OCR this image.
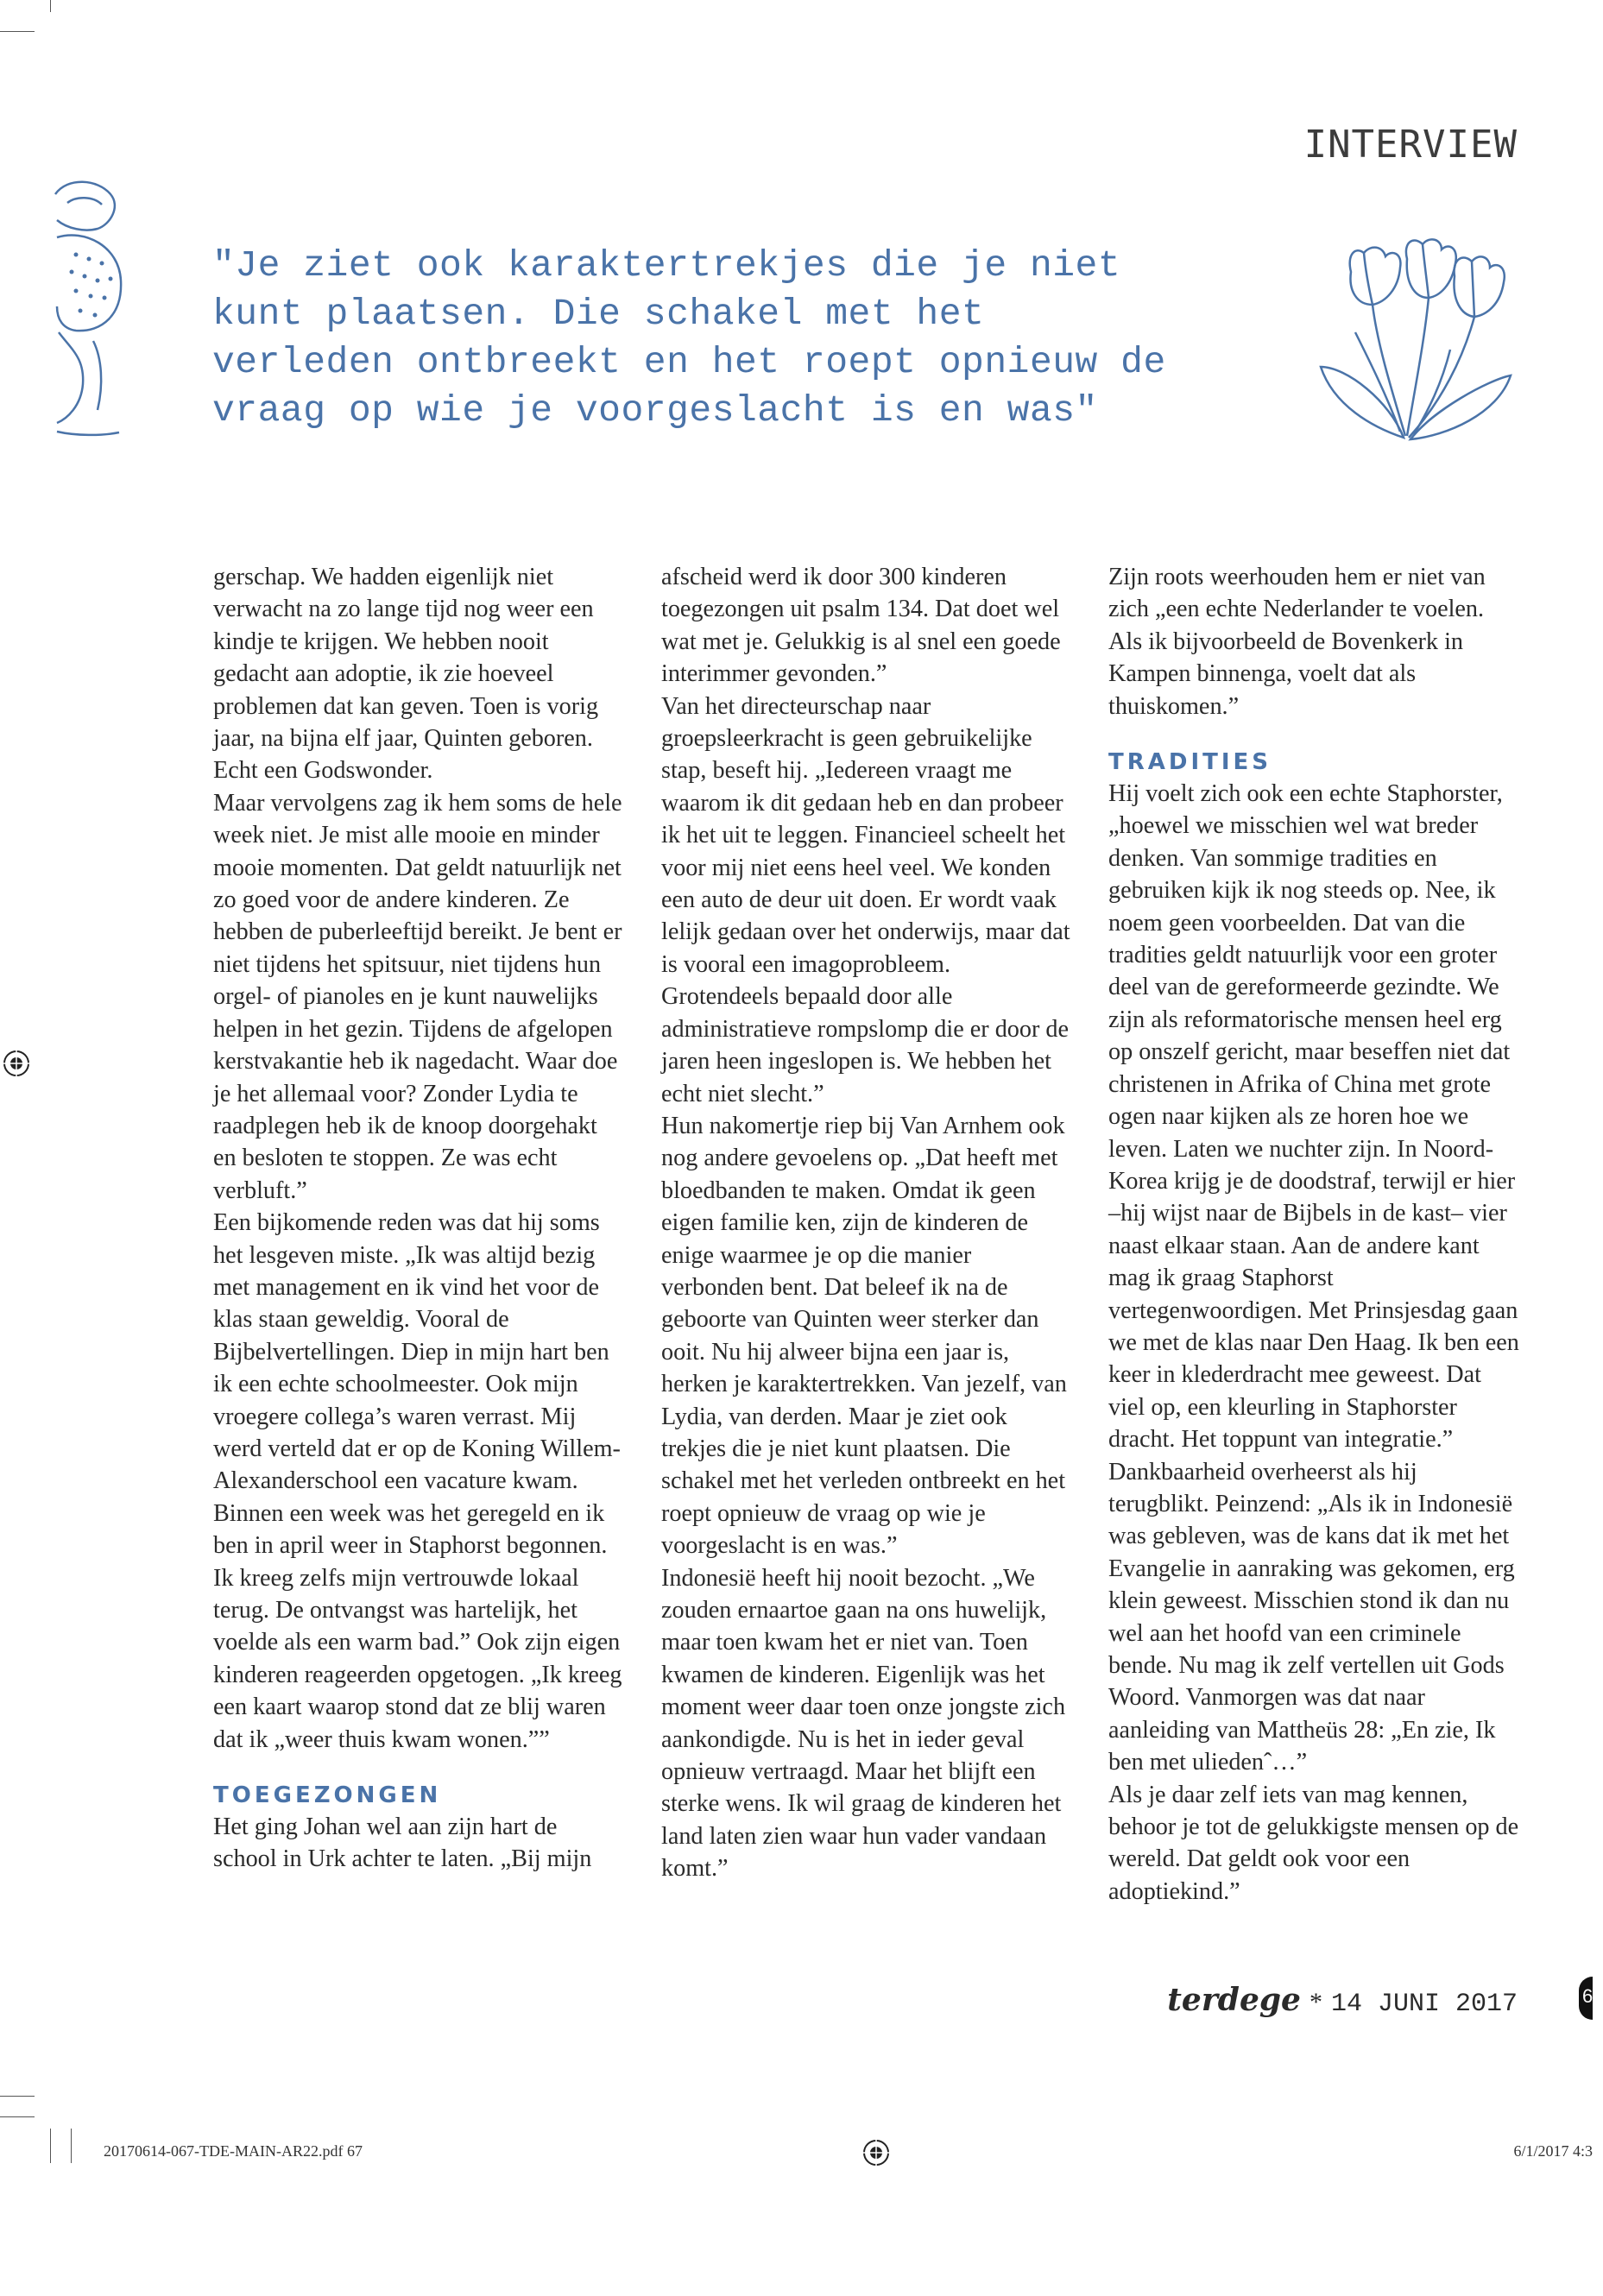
INTERVIEW

"Je ziet ook karaktertrekjes die je niet kunt plaatsen. Die schakel met het verleden ontbreekt en het roept opnieuw de vraag op wie je voorgeslacht is en was"

gerschap. We hadden eigenlijk niet verwacht na zo lange tijd nog weer een kindje te krijgen. We hebben nooit gedacht aan adoptie, ik zie hoeveel problemen dat kan geven. Toen is vorig jaar, na bijna elf jaar, Quinten geboren. Echt een Godswonder.

Maar vervolgens zag ik hem soms de hele week niet. Je mist alle mooie en minder mooie momenten. Dat geldt natuurlijk net zo goed voor de andere kinderen. Ze hebben de puberleeftijd bereikt. Je bent er niet tijdens het spitsuur, niet tijdens hun orgel- of pianoles en je kunt nauwelijks helpen in het gezin. Tijdens de afgelopen kerstvakantie heb ik nagedacht. Waar doe je het allemaal voor? Zonder Lydia te raadplegen heb ik de knoop doorgehakt en besloten te stoppen. Ze was echt verbluft.”

Een bijkomende reden was dat hij soms het lesgeven miste. „Ik was altijd bezig met management en ik vind het voor de klas staan geweldig. Vooral de Bijbelvertellingen. Diep in mijn hart ben ik een echte schoolmeester. Ook mijn vroegere collega’s waren verrast. Mij werd verteld dat er op de Koning Willem- Alexanderschool een vacature kwam. Binnen een week was het geregeld en ik ben in april weer in Staphorst begonnen. Ik kreeg zelfs mijn vertrouwde lokaal terug. De ontvangst was hartelijk, het voelde als een warm bad.” Ook zijn eigen kinderen reageerden opgetogen. „Ik kreeg een kaart waarop stond dat ze blij waren dat ik „weer thuis kwam wonen.””

TOEGEZONGEN

Het ging Johan wel aan zijn hart de school in Urk achter te laten. „Bij mijn

afscheid werd ik door 300 kinderen toegezongen uit psalm 134. Dat doet wel wat met je. Gelukkig is al snel een goede interimmer gevonden.”

Van het directeurschap naar groepsleerkracht is geen gebruikelijke stap, beseft hij. „Iedereen vraagt me waarom ik dit gedaan heb en dan probeer ik het uit te leggen. Financieel scheelt het voor mij niet eens heel veel. We konden een auto de deur uit doen. Er wordt vaak lelijk gedaan over het onderwijs, maar dat is vooral een imagoprobleem. Grotendeels bepaald door alle administratieve rompslomp die er door de jaren heen ingeslopen is. We hebben het echt niet slecht.”

Hun nakomertje riep bij Van Arnhem ook nog andere gevoelens op. „Dat heeft met bloedbanden te maken. Omdat ik geen eigen familie ken, zijn de kinderen de enige waarmee je op die manier verbonden bent. Dat beleef ik na de geboorte van Quinten weer sterker dan ooit. Nu hij alweer bijna een jaar is, herken je karaktertrekken. Van jezelf, van Lydia, van derden. Maar je ziet ook trekjes die je niet kunt plaatsen. Die schakel met het verleden ontbreekt en het roept opnieuw de vraag op wie je voorgeslacht is en was.”

Indonesië heeft hij nooit bezocht. „We zouden ernaartoe gaan na ons huwelijk, maar toen kwam het er niet van. Toen kwamen de kinderen. Eigenlijk was het moment weer daar toen onze jongste zich aankondigde. Nu is het in ieder geval opnieuw vertraagd. Maar het blijft een sterke wens. Ik wil graag de kinderen het land laten zien waar hun vader vandaan komt.”

Zijn roots weerhouden hem er niet van zich „een echte Nederlander te voelen. Als ik bijvoorbeeld de Bovenkerk in Kampen binnenga, voelt dat als thuiskomen.”

TRADITIES

Hij voelt zich ook een echte Staphorster, „hoewel we misschien wel wat breder denken. Van sommige tradities en gebruiken kijk ik nog steeds op. Nee, ik noem geen voorbeelden. Dat van die tradities geldt natuurlijk voor een groter deel van de gereformeerde gezindte. We zijn als reformatorische mensen heel erg op onszelf gericht, maar beseffen niet dat christenen in Afrika of China met grote ogen naar kijken als ze horen hoe we leven. Laten we nuchter zijn. In Noord-Korea krijg je de doodstraf, terwijl er hier –hij wijst naar de Bijbels in de kast– vier naast elkaar staan. Aan de andere kant mag ik graag Staphorst vertegenwoordigen. Met Prinsjesdag gaan we met de klas naar Den Haag. Ik ben een keer in klederdracht mee geweest. Dat viel op, een kleurling in Staphorster dracht. Het toppunt van integratie.”

Dankbaarheid overheerst als hij terugblikt. Peinzend: „Als ik in Indonesië was gebleven, was de kans dat ik met het Evangelie in aanraking was gekomen, erg klein geweest. Misschien stond ik dan nu wel aan het hoofd van een criminele bende. Nu mag ik zelf vertellen uit Gods Woord. Vanmorgen was dat naar aanleiding van Mattheüs 28: „En zie, Ik ben met uliedenˆ…”

Als je daar zelf iets van mag kennen, behoor je tot de gelukkigste mensen op de wereld. Dat geldt ook voor een adoptiekind.”

terdege * 14 JUNI 2017	67
20170614-067-TDE-MAIN-AR22.pdf 67	6/1/2017 4:3
